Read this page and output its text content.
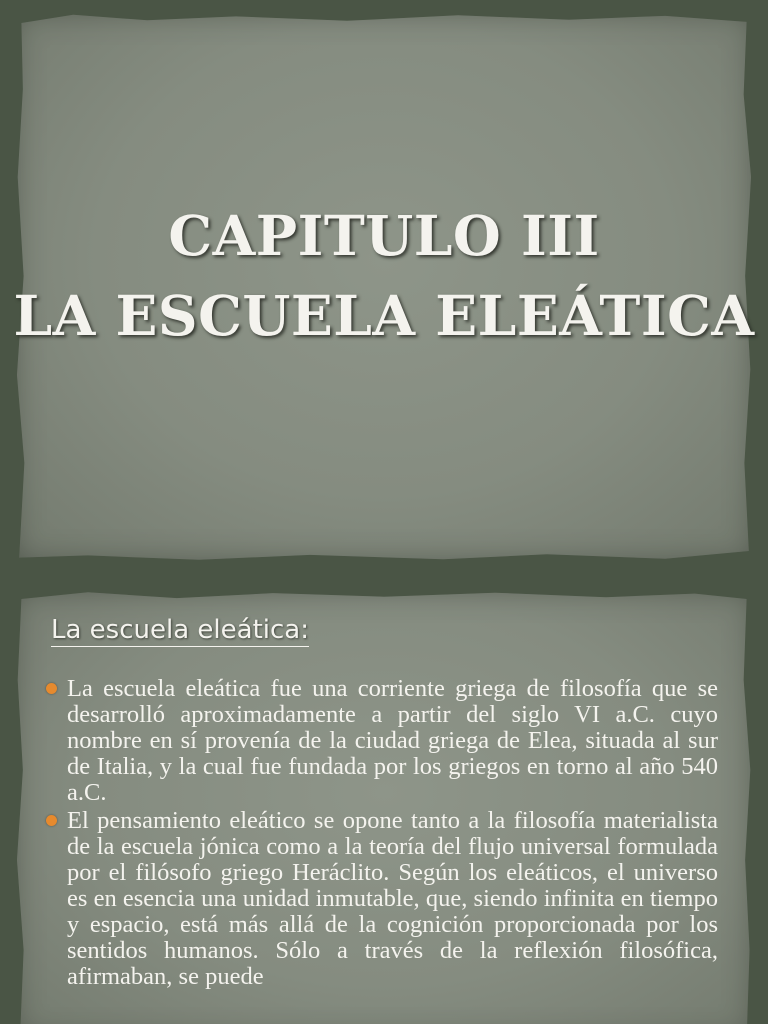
CAPITULO III
LA ESCUELA ELEÁTICA
La escuela eleática:
La escuela eleática fue una corriente griega de filosofía que se desarrolló aproximadamente a partir del siglo VI a.C. cuyo nombre en sí provenía de la ciudad griega de Elea, situada al sur de Italia, y la cual fue fundada por los griegos en torno al año 540 a.C.
El pensamiento eleático se opone tanto a la filosofía materialista de la escuela jónica como a la teoría del flujo universal formulada por el filósofo griego Heráclito. Según los eleáticos, el universo es en esencia una unidad inmutable, que, siendo infinita en tiempo y espacio, está más allá de la cognición proporcionada por los sentidos humanos. Sólo a través de la reflexión filosófica, afirmaban, se puede
